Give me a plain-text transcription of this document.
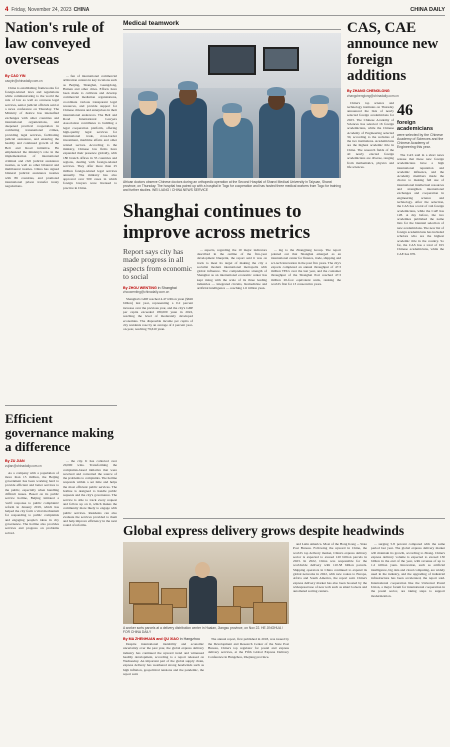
4 Friday, November 24, 2023 CHINA	CHINA DAILY
Nation's rule of law conveyed overseas
By CAO YIN
caoyin@chinadaily.com.cn

China is establishing frameworks for foreign-related laws and regulations while communicating to the world the rule of law as well as overseas legal services, senior judicial officials said at a news conference on Thursday. The Ministry of Justice has intensified exchanges with other countries and international organizations, and deepened practical cooperation in combating transnational crimes, providing legal services, facilitating judicial assistance, and ensuring the healthy and continued growth of the Belt and Road initiative. He emphasized the ministry's role in the implementation of international criminal and civil judicial assistance treaties, as well as other bilateral and multilateral treaties. China has signed bilateral judicial assistance treaties with 86 countries, and promoted international prison transfer treaty negotiations.

... fun of international commercial arbitration centers in key locations such as Beijing, Shanghai, Guangdong, Hainan and other cities. Efforts have been made to cultivate and develop commercial mediation organizations, coordinate various transparent legal resources, and provide support for Chinese citizens and enterprises in their international endeavors. The Belt and Road International Lawyers Association contributes to building a legal cooperation platform, offering high-quality legal services for international trade, cross-border investment, maritime affairs and other related sectors. According to the ministry, Chinese law firms have expanded their presence globally, with 180 branch offices in 35 countries and regions, dealing with foreign-related services. They offer more than 25 million foreign-related legal services annually. The ministry has also approved over 500 cases in which foreign lawyers were licensed to practice in China.

Efficient governance making a difference
By ZU JIAN
zujian@chinadaily.com.cn

As a company with a population of more than 15 million, the Beijing government has been working hard to provide efficient and better services to the public, especially when handling difficult issues. Based on its public service hotline, Beijing initiated a 'swift response to public complaints' reform in January 2019, which has helped the city form a vital mechanism for responding to public complaints and engaging people's ideas in city governance. The hotline also provides services and progress on problems solved.

... the city. It has collected over 20,000 wins. Transforming the complaints-based initiative that were received and converted the source of the problems to complaints. The hotline responds within a set time and helps the most efficient public services. The hotline is designed to handle public requests and the city's governance. The service is able to track every request and follow up on it, which makes the community more likely to engage with public services. Residents can also evaluate the services provided to them and help improve efficiency in the next round of reforms.

Medical teamwork
African doctors observe Chinese doctors during an orthopedic operation at the Second Hospital of Shanxi Medical University in Taiyuan, Shanxi province, on Thursday. The hospital has paired up with a hospital in Togo for cooperation and has hosted three medical workers from Togo for training and further studies. WEI LIANG / CHINA NEWS SERVICE
Shanghai continues to improve across metrics
Report says city has made progress in all aspects from economic to social
By ZHOU WENTING in Shanghai
zhouwenting@chinadaily.com.cn

Shanghai's GDP reached 4.47 trillion yuan ($626 billion) last year, representing a 0.2 percent increase over the previous year, and the city's GDP per capita exceeded 180,000 yuan in 2022, reaching the level of moderately developed economies. The disposable income per capita of city residents rose by an average of 2 percent year-on-year, reaching 79,610 yuan.

... aspects, regarding the 10 major indicators described in the outline of the five-year development blueprint, the report said it was on track to meet its target of making the city a socialist modern international metropolis with global influence. The comprehensive strength of Shanghai as an international economic center has kept rising with the scale of its three leading industries — integrated circuits, biomedicine and artificial intelligence — reaching 1.6 trillion yuan.

... ing to the Zhangjiang Group. The report pointed out that Shanghai emerged as an international center for finance, trade, shipping and sci-tech innovation in the past five years. The city's exports completed an annual throughput of 47.3 million TEUs over the last year, and the container throughput of the Shanghai Port reached 47.3 million 20-foot equivalent units, ranking the world's first for 13 consecutive years.

CAS, CAE announce new foreign additions
By ZHANG CHENGLONG
zhangchenglong@chinadaily.com.cn

China's top science and technology institutes on Thursday announced the lists of newly selected foreign academicians for 2023. The Chinese Academy of Sciences has selected 16 foreign academicians, while the Chinese Academy of Engineering selected 30, according to the websites of the two institutions. Academicians are the highest academic title in China. The research fields of the all newly elected foreign academicians are diverse, ranging from mathematics, physics and life sciences.

46
foreign academicians
were selected by the Chinese Academy of Sciences and the Chinese Academy of Engineering this year.

The CAS said in a short news release that these new foreign academicians have a high international reputation and academic influence, and the Academy members made the choice to making full use of international intellectual resources and strengthen international exchanges and cooperation in engineering science and technology. After the selection, the CAS has a total of 144 foreign academicians, while the CAE has 128. A day before, the two academies published the name lists for the biennial selection of new academicians. The new list of foreign academicians has included scholars who are the highest academic title in the country. So far, the CAS has a total of 915 Chinese academicians, while the CAE has 976.

Global express delivery grows despite headwinds
A worker sorts parcels at a delivery distribution center in Huaian, Jiangsu province, on Nov 22. HE JINGHUA / FOR CHINA DAILY
By MA ZHENHUAN and QU XIAO in Hangzhou

Despite international instability and economic uncertainty over the past year, the global express delivery industry has continued the upward trend and witnessed healthy development, according to a report released on Wednesday. An important part of the global supply chain, express delivery has weathered strong headwinds such as high inflation, geopolitical tensions and the pandemic, the report said.

The annual report, first published in 2018, was issued by the Development and Research Center of the State Post Bureau, China's top regulator for postal and express delivery services, at the Fifth Global Express Delivery Conference in Hangzhou, Zhejiang province.

and Latin America. Most of the Hong Kong ... State Post Bureau. Following the upward in China, the world's top delivery market, China's express delivery sector is expected to exceed 120 billion parcels in 2023. In 2022, China was responsible for the worldwide delivery with 110.58 billion parcels. Shipping operators in China continued to expand its global networks in 2022, with new routes to Europe, Africa and South America, the report said. China's express delivery market has also been boosted by the widespread use of new tech such as smart lockers and automated sorting centers.

... surging 5.8 percent compared with the same period last year. The global express delivery market will maintain its growth, according to Zhang. China's express delivery volume is expected to exceed 130 billion in the end of the year, with revenue of up to 1.2 trillion yuan. Innovation, such as artificial intelligence, big data and cloud computing, are widely used in the industry, and the upgrading of industrial infrastructure has been accelerated, the report said. International cooperation like the Universal Postal Union, a major forum for international cooperation in the postal sector, are taking steps to support modernization.
